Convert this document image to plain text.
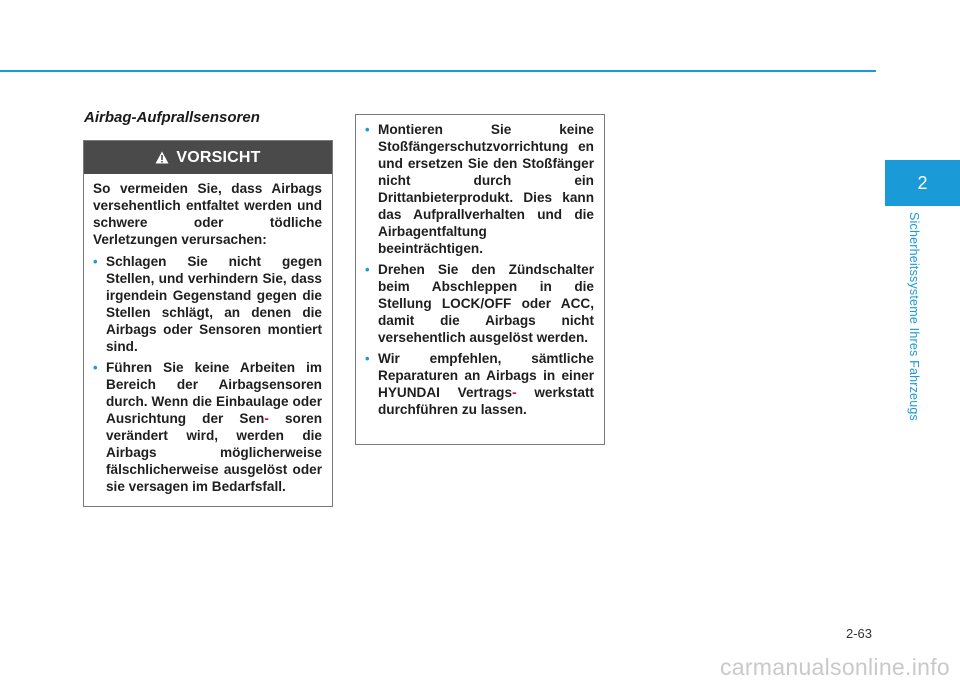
Airbag-Aufprallsensoren
VORSICHT

So vermeiden Sie, dass Airbags versehentlich entfaltet werden und schwere oder tödliche Verletzungen verursachen:

• Schlagen Sie nicht gegen Stellen, und verhindern Sie, dass irgendein Gegenstand gegen die Stellen schlägt, an denen die Airbags oder Sensoren montiert sind.
• Führen Sie keine Arbeiten im Bereich der Airbagsensoren durch. Wenn die Einbaulage oder Ausrichtung der Sen- soren verändert wird, werden die Airbags möglicherweise fälschlicherweise ausgelöst oder sie versagen im Bedarfsfall.
• Montieren Sie keine Stoßfängerschutzvorrichtung en und ersetzen Sie den Stoßfänger nicht durch ein Drittanbieterprodukt. Dies kann das Aufprallverhalten und die Airbagentfaltung beeinträchtigen.
• Drehen Sie den Zündschalter beim Abschleppen in die Stellung LOCK/OFF oder ACC, damit die Airbags nicht versehentlich ausgelöst werden.
• Wir empfehlen, sämtliche Reparaturen an Airbags in einer HYUNDAI Vertrags- werkstatt durchführen zu lassen.
2
Sicherheitssysteme Ihres Fahrzeugs
2-63
carmanualsonline.info
